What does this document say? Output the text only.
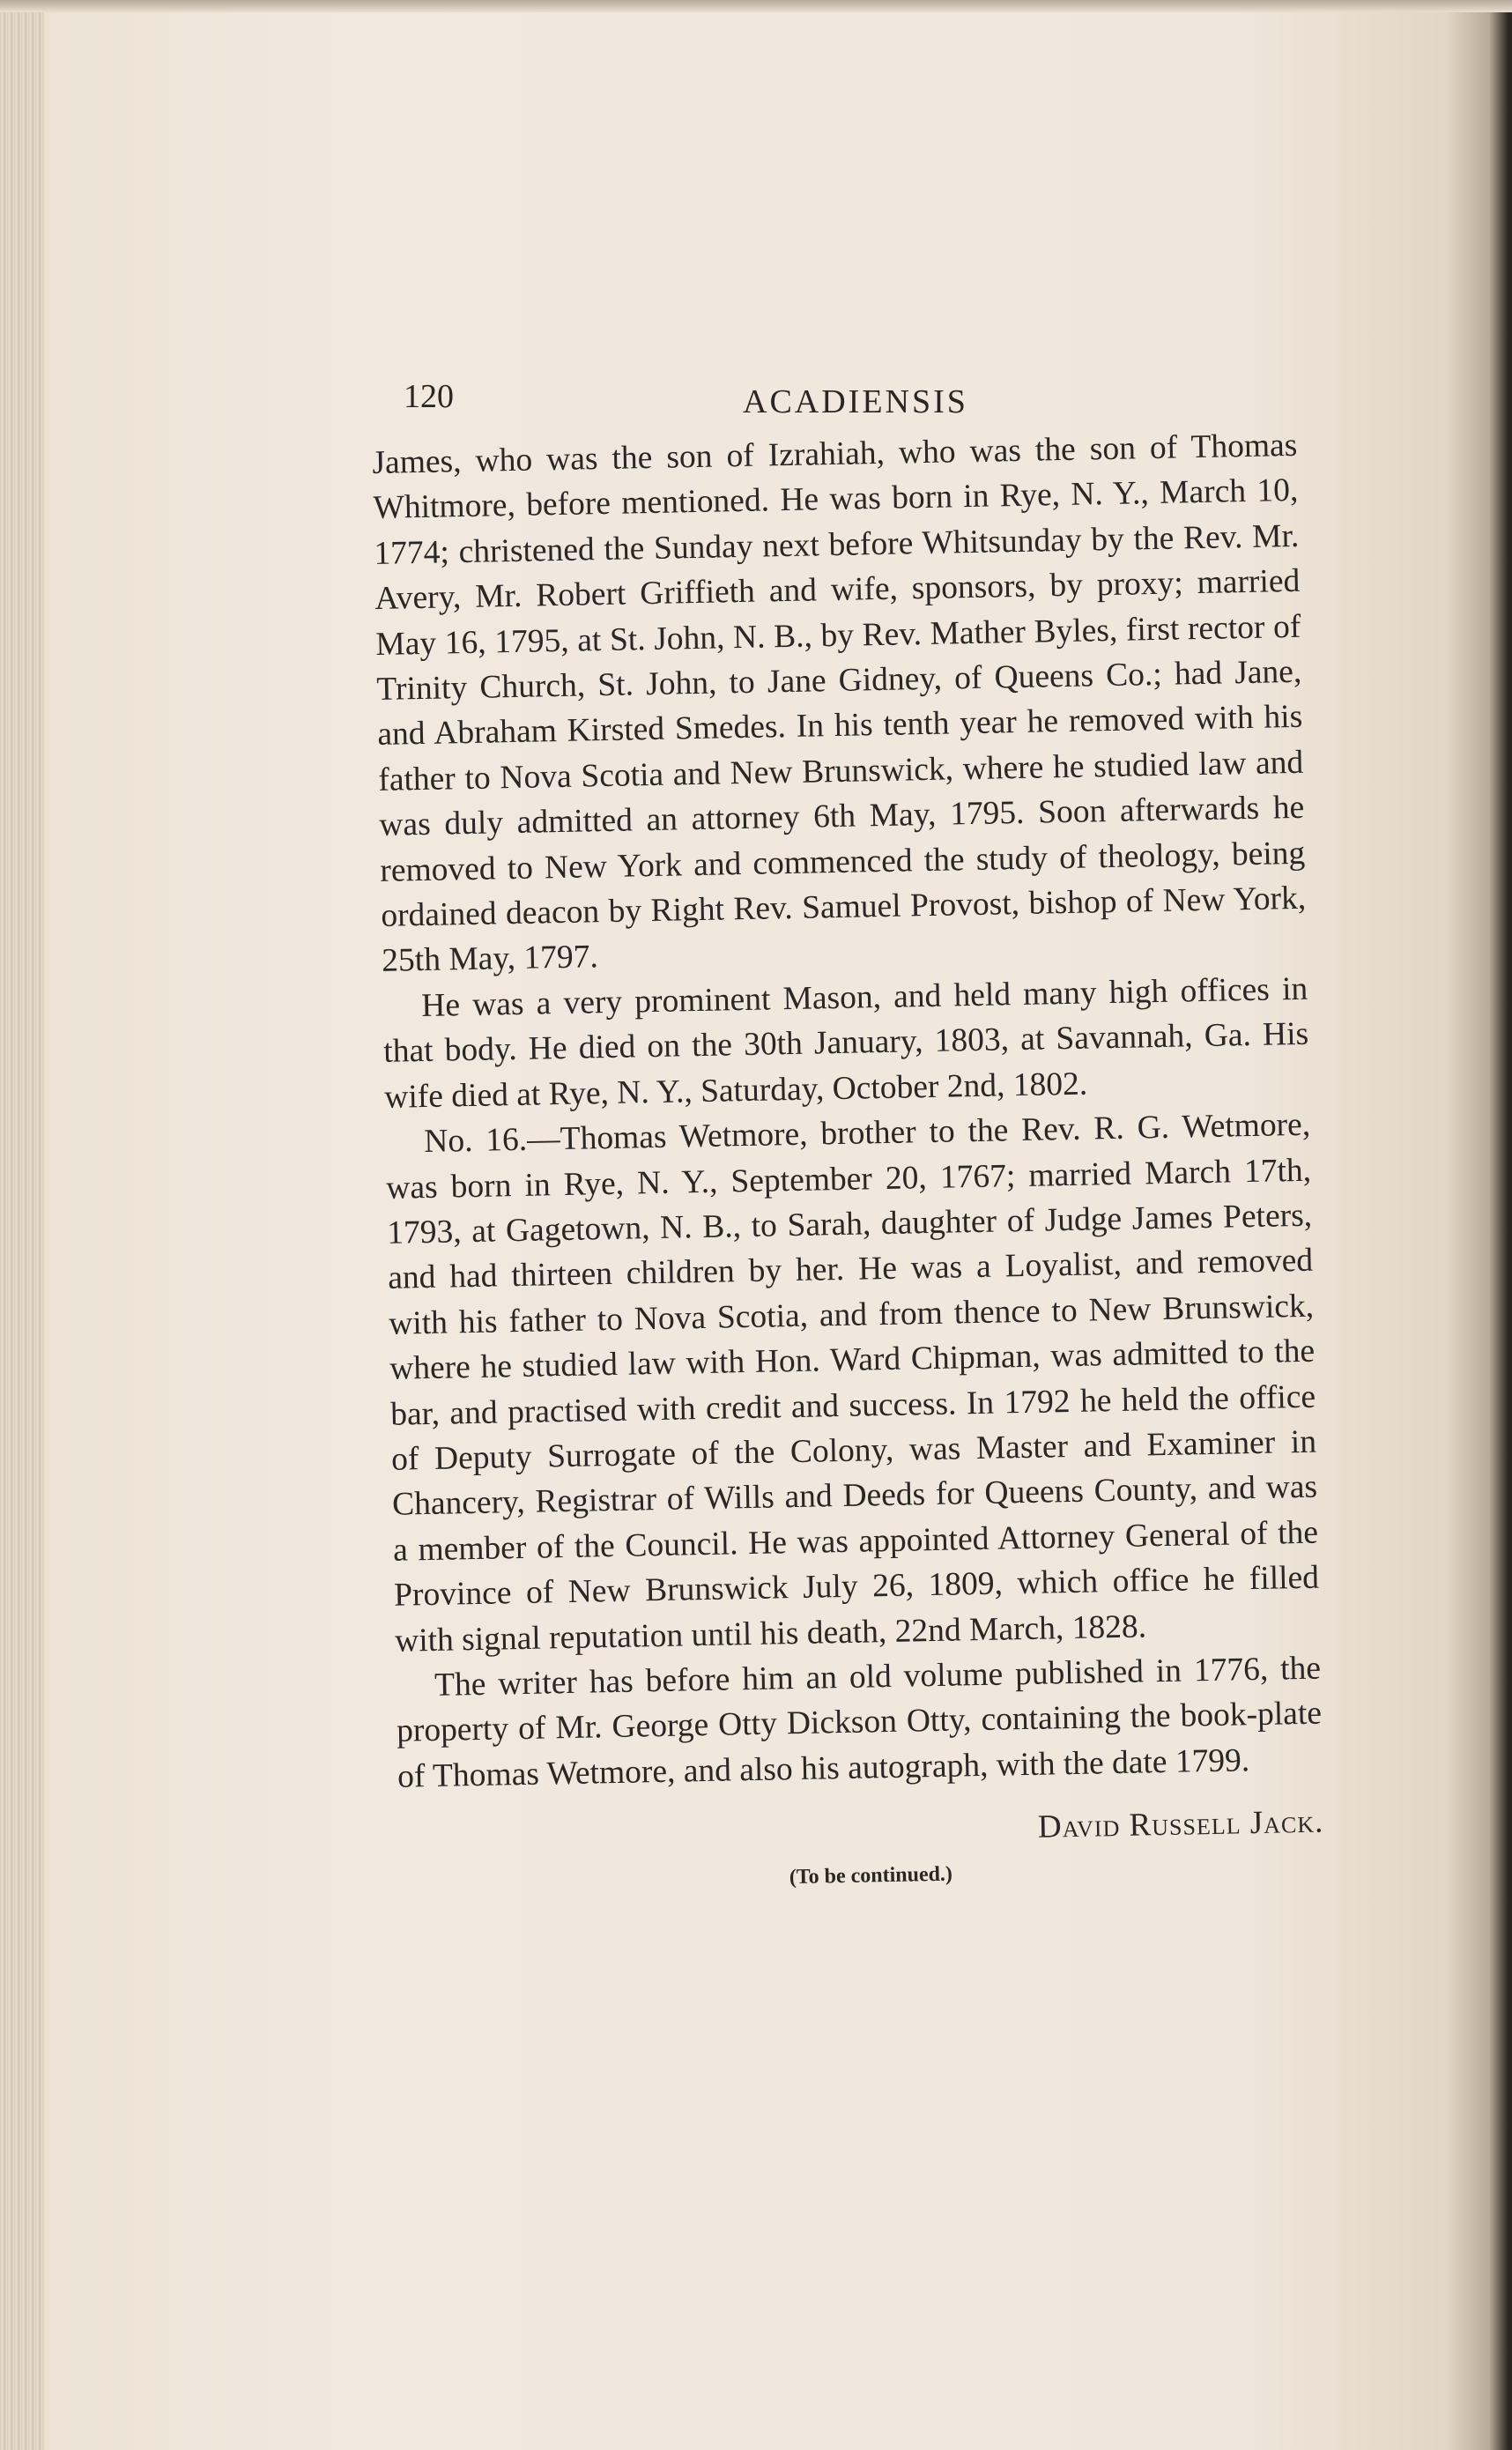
120	ACADIENSIS

James, who was the son of Izrahiah, who was the son of Thomas Whitmore, before mentioned. He was born in Rye, N. Y., March 10, 1774; christened the Sunday next before Whitsunday by the Rev. Mr. Avery, Mr. Robert Griffieth and wife, sponsors, by proxy; married May 16, 1795, at St. John, N. B., by Rev. Mather Byles, first rector of Trinity Church, St. John, to Jane Gidney, of Queens Co.; had Jane, and Abraham Kirsted Smedes. In his tenth year he removed with his father to Nova Scotia and New Brunswick, where he studied law and was duly admitted an attorney 6th May, 1795. Soon afterwards he removed to New York and commenced the study of theology, being ordained deacon by Right Rev. Samuel Provost, bishop of New York, 25th May, 1797.

He was a very prominent Mason, and held many high offices in that body. He died on the 30th January, 1803, at Savannah, Ga. His wife died at Rye, N. Y., Saturday, October 2nd, 1802.

No. 16.—Thomas Wetmore, brother to the Rev. R. G. Wetmore, was born in Rye, N. Y., September 20, 1767; married March 17th, 1793, at Gagetown, N. B., to Sarah, daughter of Judge James Peters, and had thirteen children by her. He was a Loyalist, and removed with his father to Nova Scotia, and from thence to New Brunswick, where he studied law with Hon. Ward Chipman, was admitted to the bar, and practised with credit and success. In 1792 he held the office of Deputy Surrogate of the Colony, was Master and Examiner in Chancery, Registrar of Wills and Deeds for Queens County, and was a member of the Council. He was appointed Attorney General of the Province of New Brunswick July 26, 1809, which office he filled with signal reputation until his death, 22nd March, 1828.

The writer has before him an old volume published in 1776, the property of Mr. George Otty Dickson Otty, containing the book-plate of Thomas Wetmore, and also his autograph, with the date 1799.

David Russell Jack.
(To be continued.)
